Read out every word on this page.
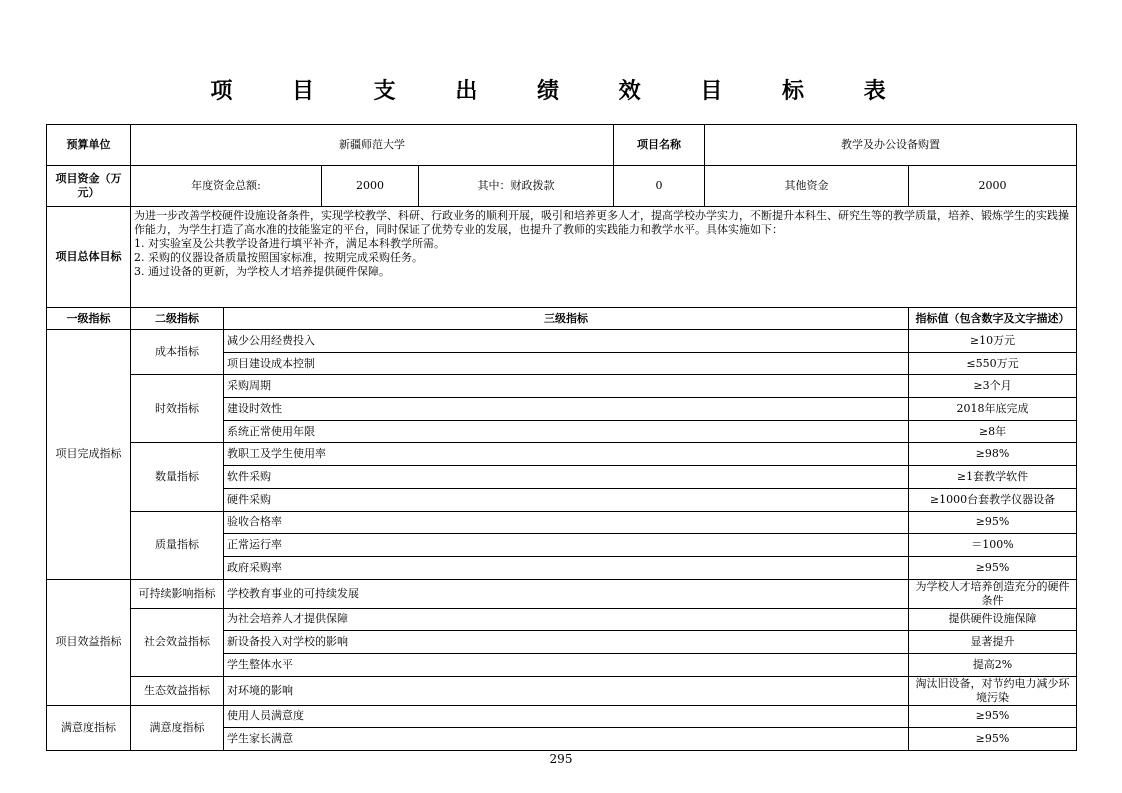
项 目 支 出 绩 效 目 标 表
预算单位	新疆师范大学				项目名称	教学及办公设备购置	
项目资金（万元）	年度资金总额:		2000	其中：财政拨款	0	其他资金	2000
项目总体目标	为进一步改善学校硬件设施设备条件，实现学校教学、科研、行政业务的顺利开展，吸引和培养更多人才，提高学校办学实力，不断提升本科生、研究生等的教学质量，培养、锻炼学生的实践操作能力，为学生打造了高水准的技能鉴定的平台，同时保证了优势专业的发展，也提升了教师的实践能力和教学水平。具体实施如下：
1. 对实验室及公共教学设备进行填平补齐，满足本科教学所需。
2. 采购的仪器设备质量按照国家标准，按期完成采购任务。
3. 通过设备的更新，为学校人才培养提供硬件保障。						

一级指标	二级指标	三级指标					指标值（包含数字及文字描述）
项目完成指标	成本指标	减少公用经费投入					≥10万元
		项目建设成本控制					≤550万元
	时效指标	采购周期					≥3个月
		建设时效性					2018年底完成
		系统正常使用年限					≥8年
	数量指标	教职工及学生使用率					≥98%
		软件采购					≥1套教学软件
		硬件采购					≥1000台套教学仪器设备
	质量指标	验收合格率					≥95%
		正常运行率					＝100%
		政府采购率					≥95%
项目效益指标	可持续影响指标	学校教育事业的可持续发展					为学校人才培养创造充分的硬件条件
	社会效益指标	为社会培养人才提供保障					提供硬件设施保障
		新设备投入对学校的影响					显著提升
		学生整体水平					提高2%
	生态效益指标	对环境的影响					淘汰旧设备，对节约电力减少环境污染
满意度指标	满意度指标	使用人员满意度					≥95%
		学生家长满意					≥95%
295
